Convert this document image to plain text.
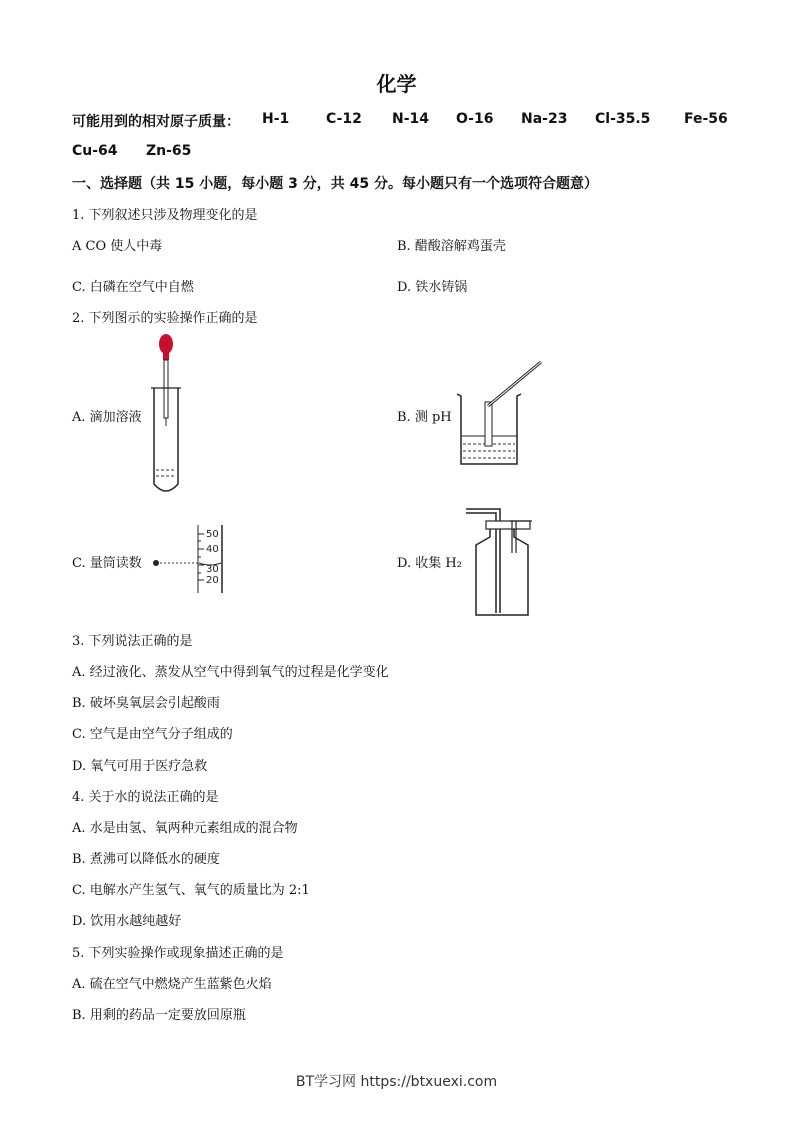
化学
可能用到的相对原子质量： H-1	C-12 N-14 O-16 Na-23 Cl-35.5 Fe-56
Cu-64 Zn-65
一、选择题（共 15 小题，每小题 3 分，共 45 分。每小题只有一个选项符合题意）
1. 下列叙述只涉及物理变化的是
A CO 使人中毒	B. 醋酸溶解鸡蛋壳
C. 白磷在空气中自燃	D. 铁水铸锅
2. 下列图示的实验操作正确的是
A. 滴加溶液	B. 测 pH
C. 量筒读数	D. 收集 H₂
50
40
30
20
3. 下列说法正确的是
A. 经过液化、蒸发从空气中得到氧气的过程是化学变化
B. 破坏臭氧层会引起酸雨
C. 空气是由空气分子组成的
D. 氧气可用于医疗急救
4. 关于水的说法正确的是
A. 水是由氢、氧两种元素组成的混合物
B. 煮沸可以降低水的硬度
C. 电解水产生氢气、氧气的质量比为 2:1
D. 饮用水越纯越好
5. 下列实验操作或现象描述正确的是
A. 硫在空气中燃烧产生蓝紫色火焰
B. 用剩的药品一定要放回原瓶
BT学习网 https://btxuexi.com
